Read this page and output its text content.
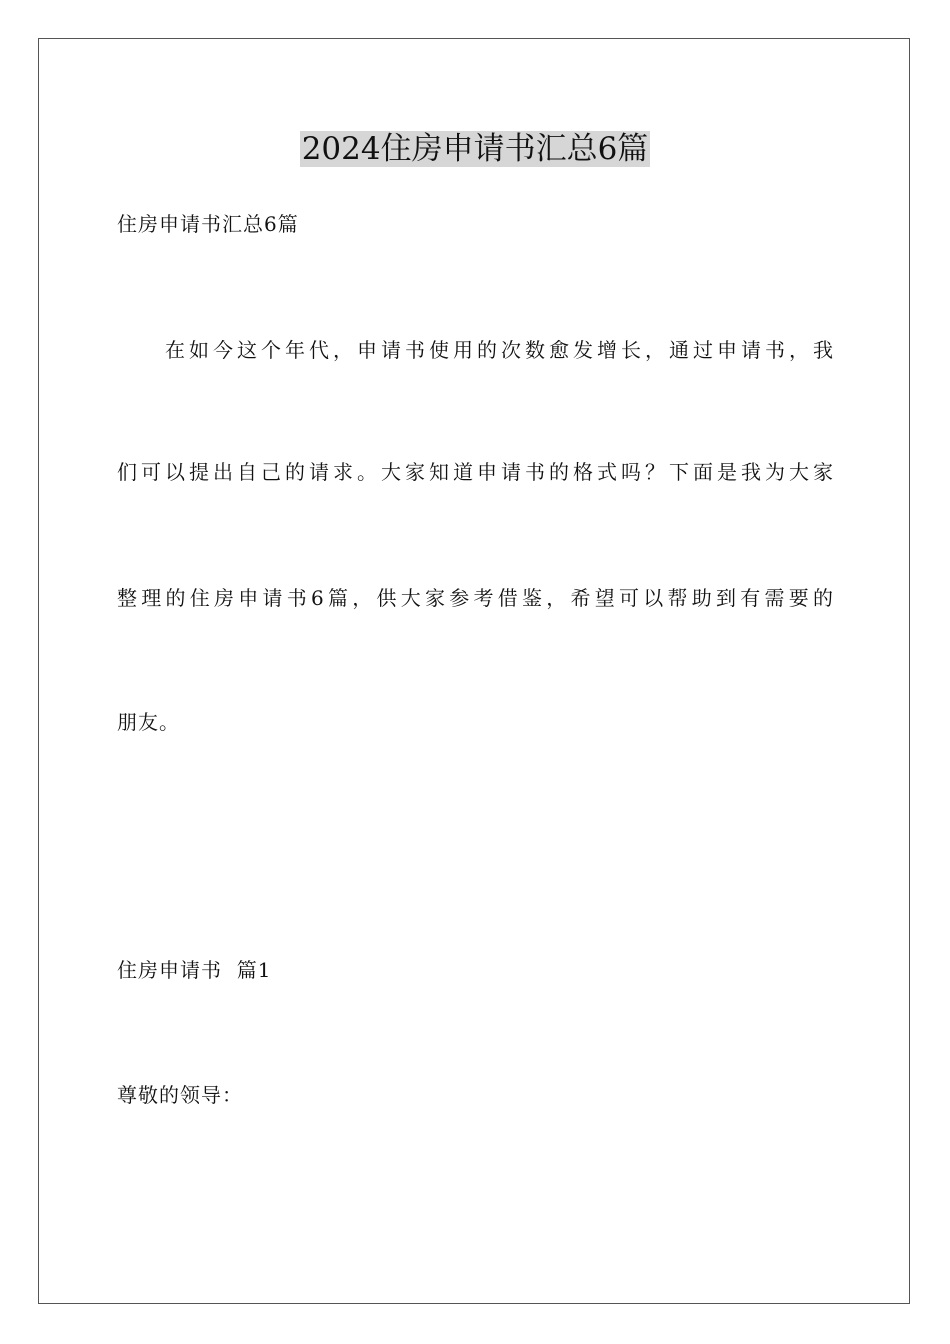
2024住房申请书汇总6篇

住房申请书汇总6篇

在 如 今 这 个 年 代 ， 申 请 书 使 用 的 次 数 愈 发 增 长 ， 通 过 申 请 书 ， 我

们 可 以 提 出 自 己 的 请 求 。 大 家 知 道 申 请 书 的 格 式 吗 ？ 下 面 是 我 为 大 家

整 理 的 住 房 申 请 书 6 篇 ， 供 大 家 参 考 借 鉴 ， 希 望 可 以 帮 助 到 有 需 要 的

朋友。

住房申请书  篇1

尊敬的领导：
